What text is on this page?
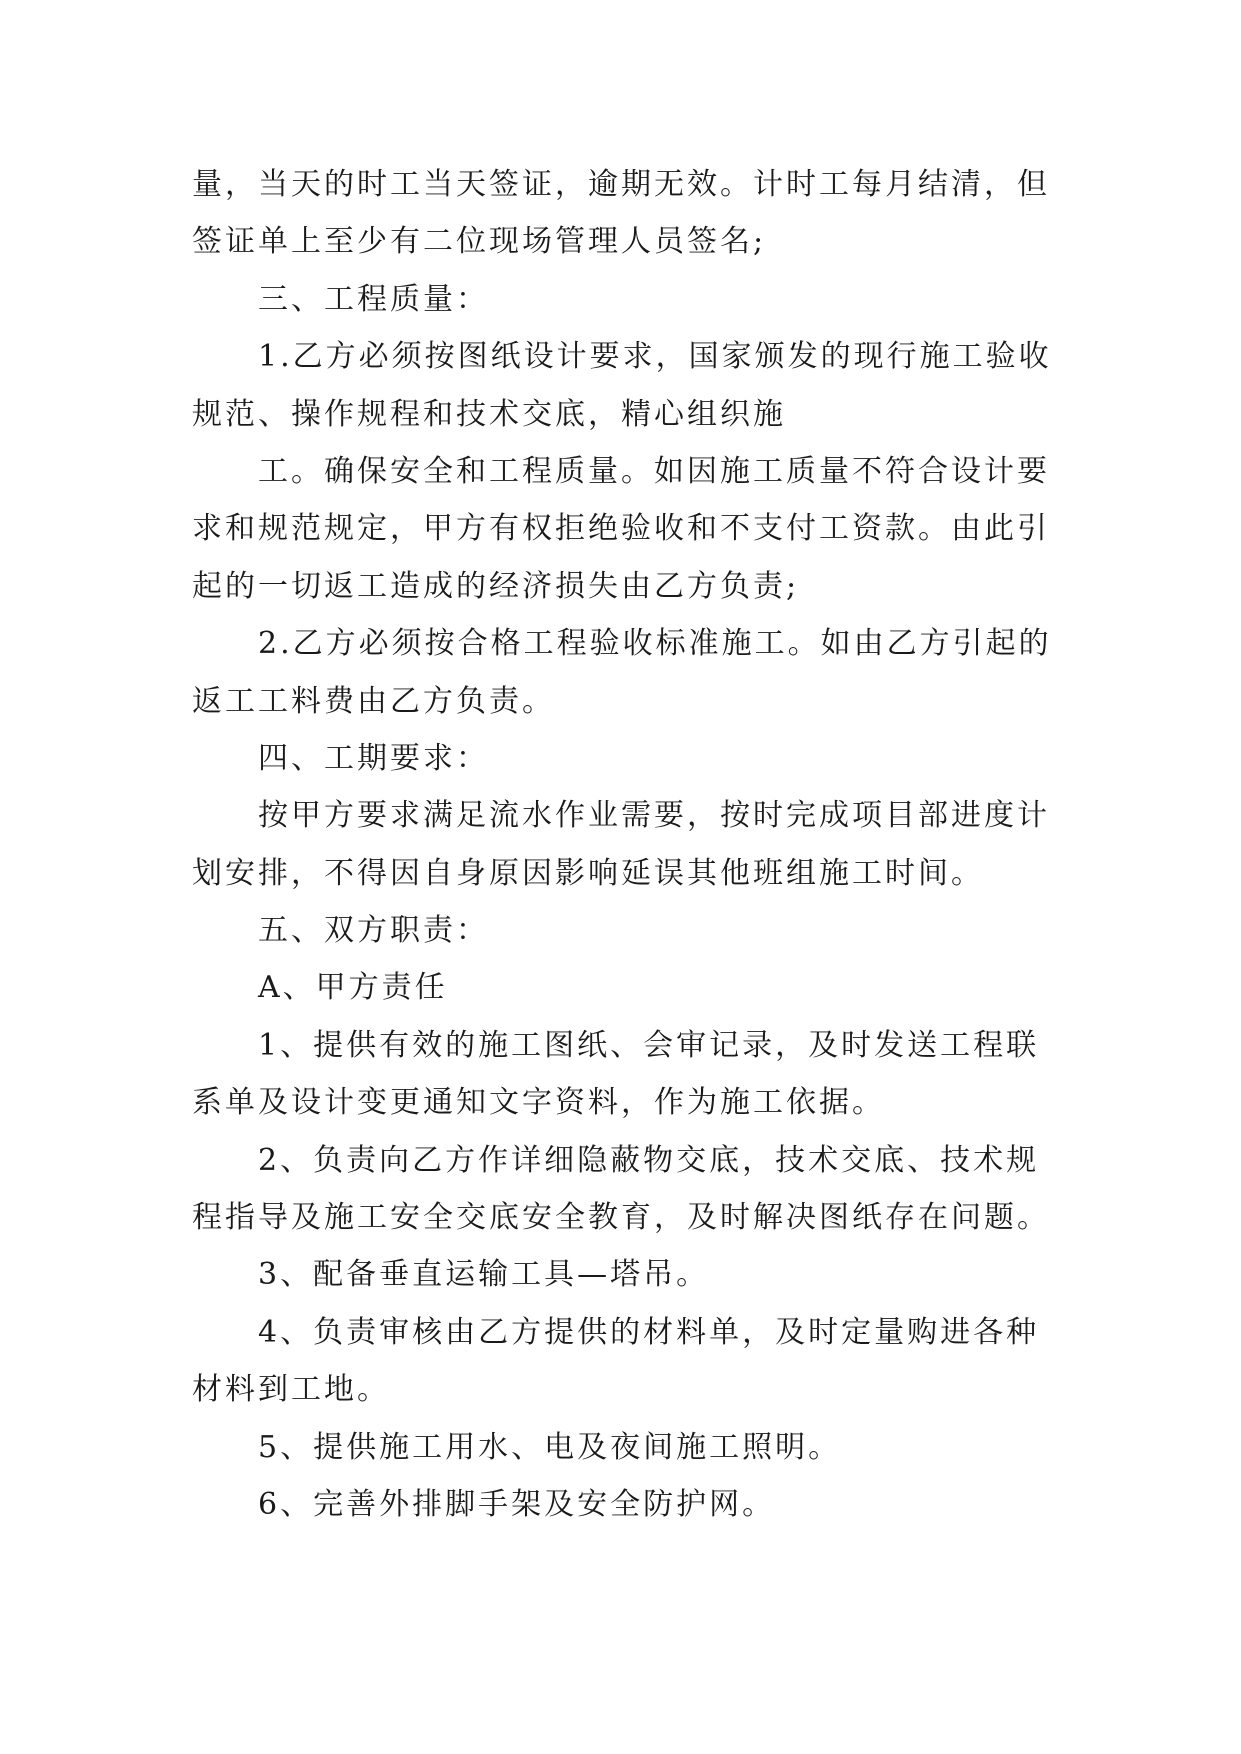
量，当天的时工当天签证，逾期无效。计时工每月结清，但
签证单上至少有二位现场管理人员签名;
三、工程质量：
1.乙方必须按图纸设计要求，国家颁发的现行施工验收
规范、操作规程和技术交底，精心组织施
工。确保安全和工程质量。如因施工质量不符合设计要
求和规范规定，甲方有权拒绝验收和不支付工资款。由此引
起的一切返工造成的经济损失由乙方负责;
2.乙方必须按合格工程验收标准施工。如由乙方引起的
返工工料费由乙方负责。
四、工期要求：
按甲方要求满足流水作业需要，按时完成项目部进度计
划安排，不得因自身原因影响延误其他班组施工时间。
五、双方职责：
A、甲方责任
1、提供有效的施工图纸、会审记录，及时发送工程联
系单及设计变更通知文字资料，作为施工依据。
2、负责向乙方作详细隐蔽物交底，技术交底、技术规
程指导及施工安全交底安全教育，及时解决图纸存在问题。
3、配备垂直运输工具—塔吊。
4、负责审核由乙方提供的材料单，及时定量购进各种
材料到工地。
5、提供施工用水、电及夜间施工照明。
6、完善外排脚手架及安全防护网。
